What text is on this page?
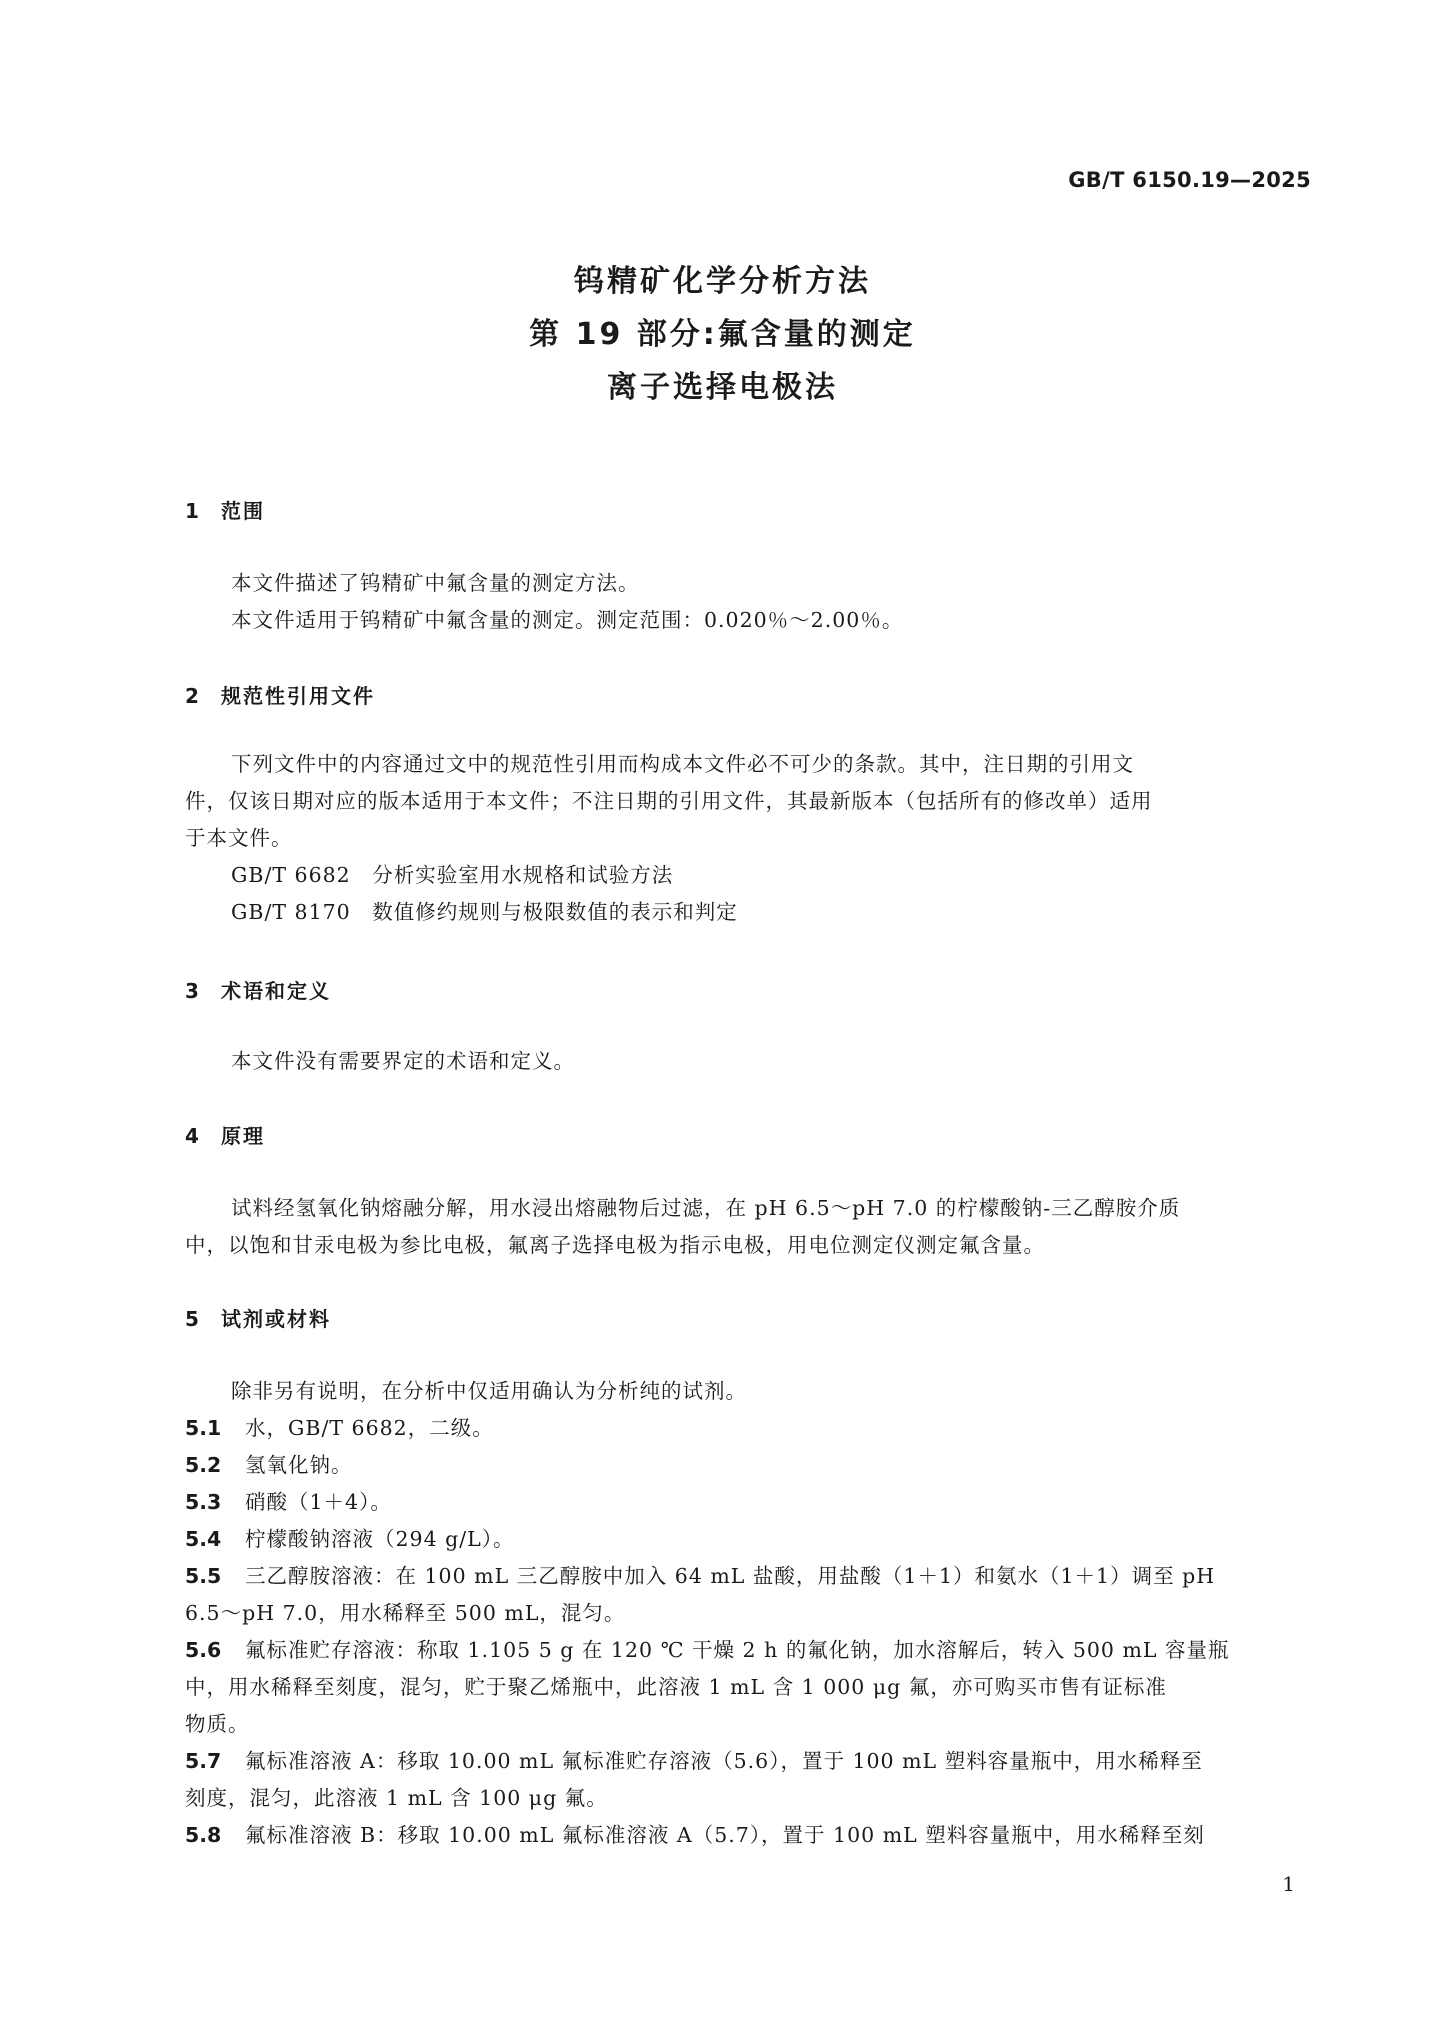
GB/T 6150.19—2025
钨精矿化学分析方法
第 19 部分:氟含量的测定
离子选择电极法
1 范围
本文件描述了钨精矿中氟含量的测定方法。
本文件适用于钨精矿中氟含量的测定。测定范围：0.020％～2.00％。
2 规范性引用文件
下列文件中的内容通过文中的规范性引用而构成本文件必不可少的条款。其中，注日期的引用文
件，仅该日期对应的版本适用于本文件；不注日期的引用文件，其最新版本（包括所有的修改单）适用
于本文件。
GB/T 6682　分析实验室用水规格和试验方法
GB/T 8170　数值修约规则与极限数值的表示和判定
3 术语和定义
本文件没有需要界定的术语和定义。
4 原理
试料经氢氧化钠熔融分解，用水浸出熔融物后过滤，在 pH 6.5～pH 7.0 的柠檬酸钠-三乙醇胺介质
中，以饱和甘汞电极为参比电极，氟离子选择电极为指示电极，用电位测定仪测定氟含量。
5 试剂或材料
除非另有说明，在分析中仅适用确认为分析纯的试剂。
5.1 水，GB/T 6682，二级。
5.2 氢氧化钠。
5.3 硝酸（1＋4）。
5.4 柠檬酸钠溶液（294 g/L）。
5.5 三乙醇胺溶液：在 100 mL 三乙醇胺中加入 64 mL 盐酸，用盐酸（1＋1）和氨水（1＋1）调至 pH
6.5～pH 7.0，用水稀释至 500 mL，混匀。
5.6 氟标准贮存溶液：称取 1.105 5 g 在 120 ℃ 干燥 2 h 的氟化钠，加水溶解后，转入 500 mL 容量瓶
中，用水稀释至刻度，混匀，贮于聚乙烯瓶中，此溶液 1 mL 含 1 000 μg 氟，亦可购买市售有证标准
物质。
5.7 氟标准溶液 A：移取 10.00 mL 氟标准贮存溶液（5.6），置于 100 mL 塑料容量瓶中，用水稀释至
刻度，混匀，此溶液 1 mL 含 100 μg 氟。
5.8 氟标准溶液 B：移取 10.00 mL 氟标准溶液 A（5.7），置于 100 mL 塑料容量瓶中，用水稀释至刻
1
